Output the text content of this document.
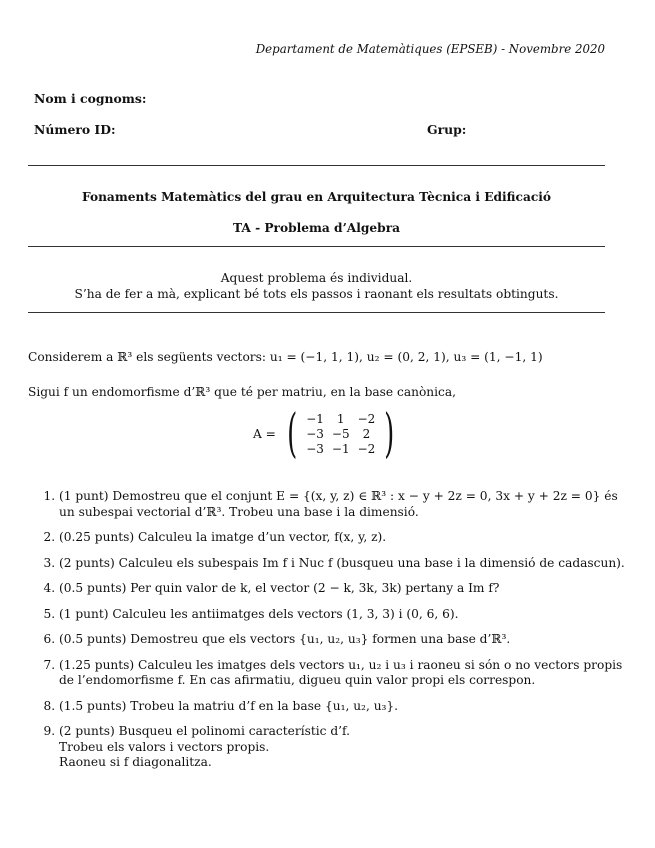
Departament de Matemàtiques (EPSEB) - Novembre 2020
Nom i cognoms:
Número ID:	Grup:
Fonaments Matemàtics del grau en Arquitectura Tècnica i Edificació
TA - Problema d’Algebra
Aquest problema és individual.
S’ha de fer a mà, explicant bé tots els passos i raonant els resultats obtinguts.
Considerem a ℝ³ els següents vectors: u₁ = (−1, 1, 1), u₂ = (0, 2, 1), u₃ = (1, −1, 1)
Sigui f un endomorfisme d’ℝ³ que té per matriu, en la base canònica,
A = ( −1	1	−2
−3	−5	2
−3	−1	−2 )
1. (1 punt) Demostreu que el conjunt E = {(x, y, z) ∈ ℝ³ : x − y + 2z = 0, 3x + y + 2z = 0} és un subespai vectorial d’ℝ³. Trobeu una base i la dimensió.
2. (0.25 punts) Calculeu la imatge d’un vector, f(x, y, z).
3. (2 punts) Calculeu els subespais Im f i Nuc f (busqueu una base i la dimensió de cadascun).
4. (0.5 punts) Per quin valor de k, el vector (2 − k, 3k, 3k) pertany a Im f?
5. (1 punt) Calculeu les antiimatges dels vectors (1, 3, 3) i (0, 6, 6).
6. (0.5 punts) Demostreu que els vectors {u₁, u₂, u₃} formen una base d’ℝ³.
7. (1.25 punts) Calculeu les imatges dels vectors u₁, u₂ i u₃ i raoneu si són o no vectors propis de l’endomorfisme f. En cas afirmatiu, digueu quin valor propi els correspon.
8. (1.5 punts) Trobeu la matriu d’f en la base {u₁, u₂, u₃}.
9. (2 punts) Busqueu el polinomi característic d’f.
Trobeu els valors i vectors propis.
Raoneu si f diagonalitza.
